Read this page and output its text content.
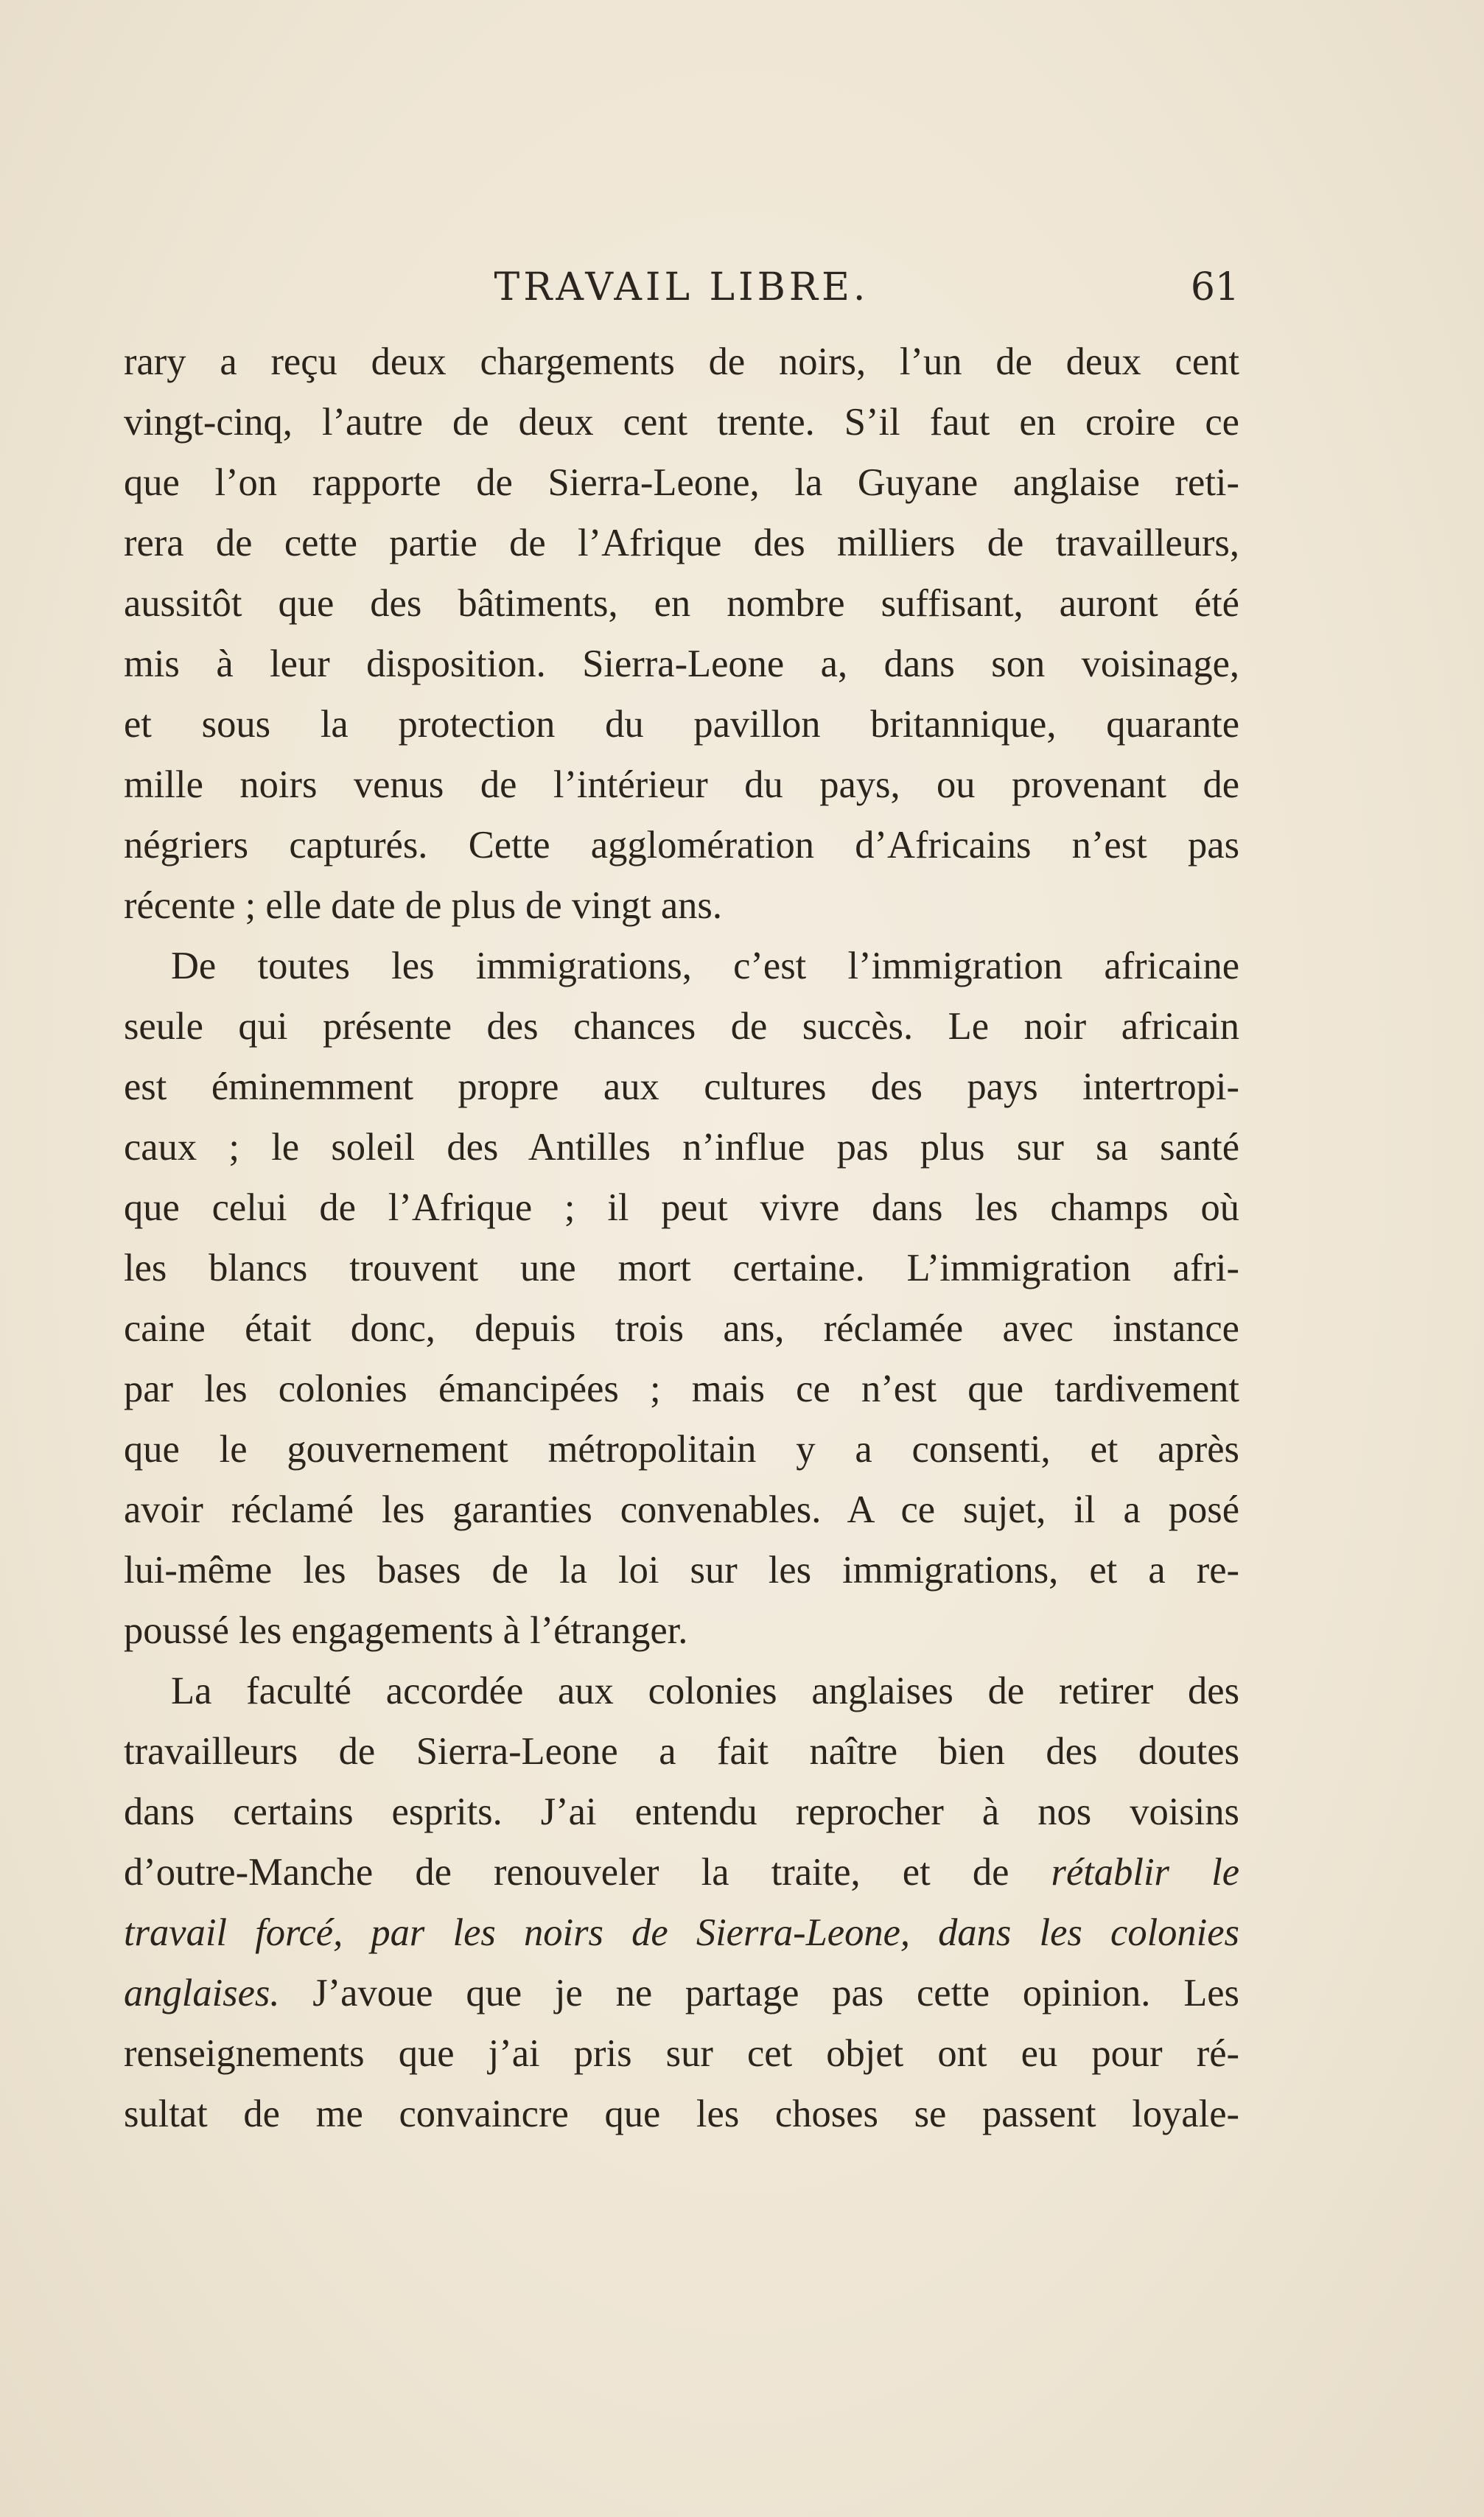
TRAVAIL LIBRE.	61
rary a reçu deux chargements de noirs, l’un de deux cent
vingt-cinq, l’autre de deux cent trente. S’il faut en croire ce
que l’on rapporte de Sierra-Leone, la Guyane anglaise reti-
rera de cette partie de l’Afrique des milliers de travailleurs,
aussitôt que des bâtiments, en nombre suffisant, auront été
mis à leur disposition. Sierra-Leone a, dans son voisinage,
et sous la protection du pavillon britannique, quarante
mille noirs venus de l’intérieur du pays, ou provenant de
négriers capturés. Cette agglomération d’Africains n’est pas
récente ; elle date de plus de vingt ans.
De toutes les immigrations, c’est l’immigration africaine
seule qui présente des chances de succès. Le noir africain
est éminemment propre aux cultures des pays intertropi-
caux ; le soleil des Antilles n’influe pas plus sur sa santé
que celui de l’Afrique ; il peut vivre dans les champs où
les blancs trouvent une mort certaine. L’immigration afri-
caine était donc, depuis trois ans, réclamée avec instance
par les colonies émancipées ; mais ce n’est que tardivement
que le gouvernement métropolitain y a consenti, et après
avoir réclamé les garanties convenables. A ce sujet, il a posé
lui-même les bases de la loi sur les immigrations, et a re-
poussé les engagements à l’étranger.
La faculté accordée aux colonies anglaises de retirer des
travailleurs de Sierra-Leone a fait naître bien des doutes
dans certains esprits. J’ai entendu reprocher à nos voisins
d’outre-Manche de renouveler la traite, et de rétablir le
travail forcé, par les noirs de Sierra-Leone, dans les colonies
anglaises. J’avoue que je ne partage pas cette opinion. Les
renseignements que j’ai pris sur cet objet ont eu pour ré-
sultat de me convaincre que les choses se passent loyale-
